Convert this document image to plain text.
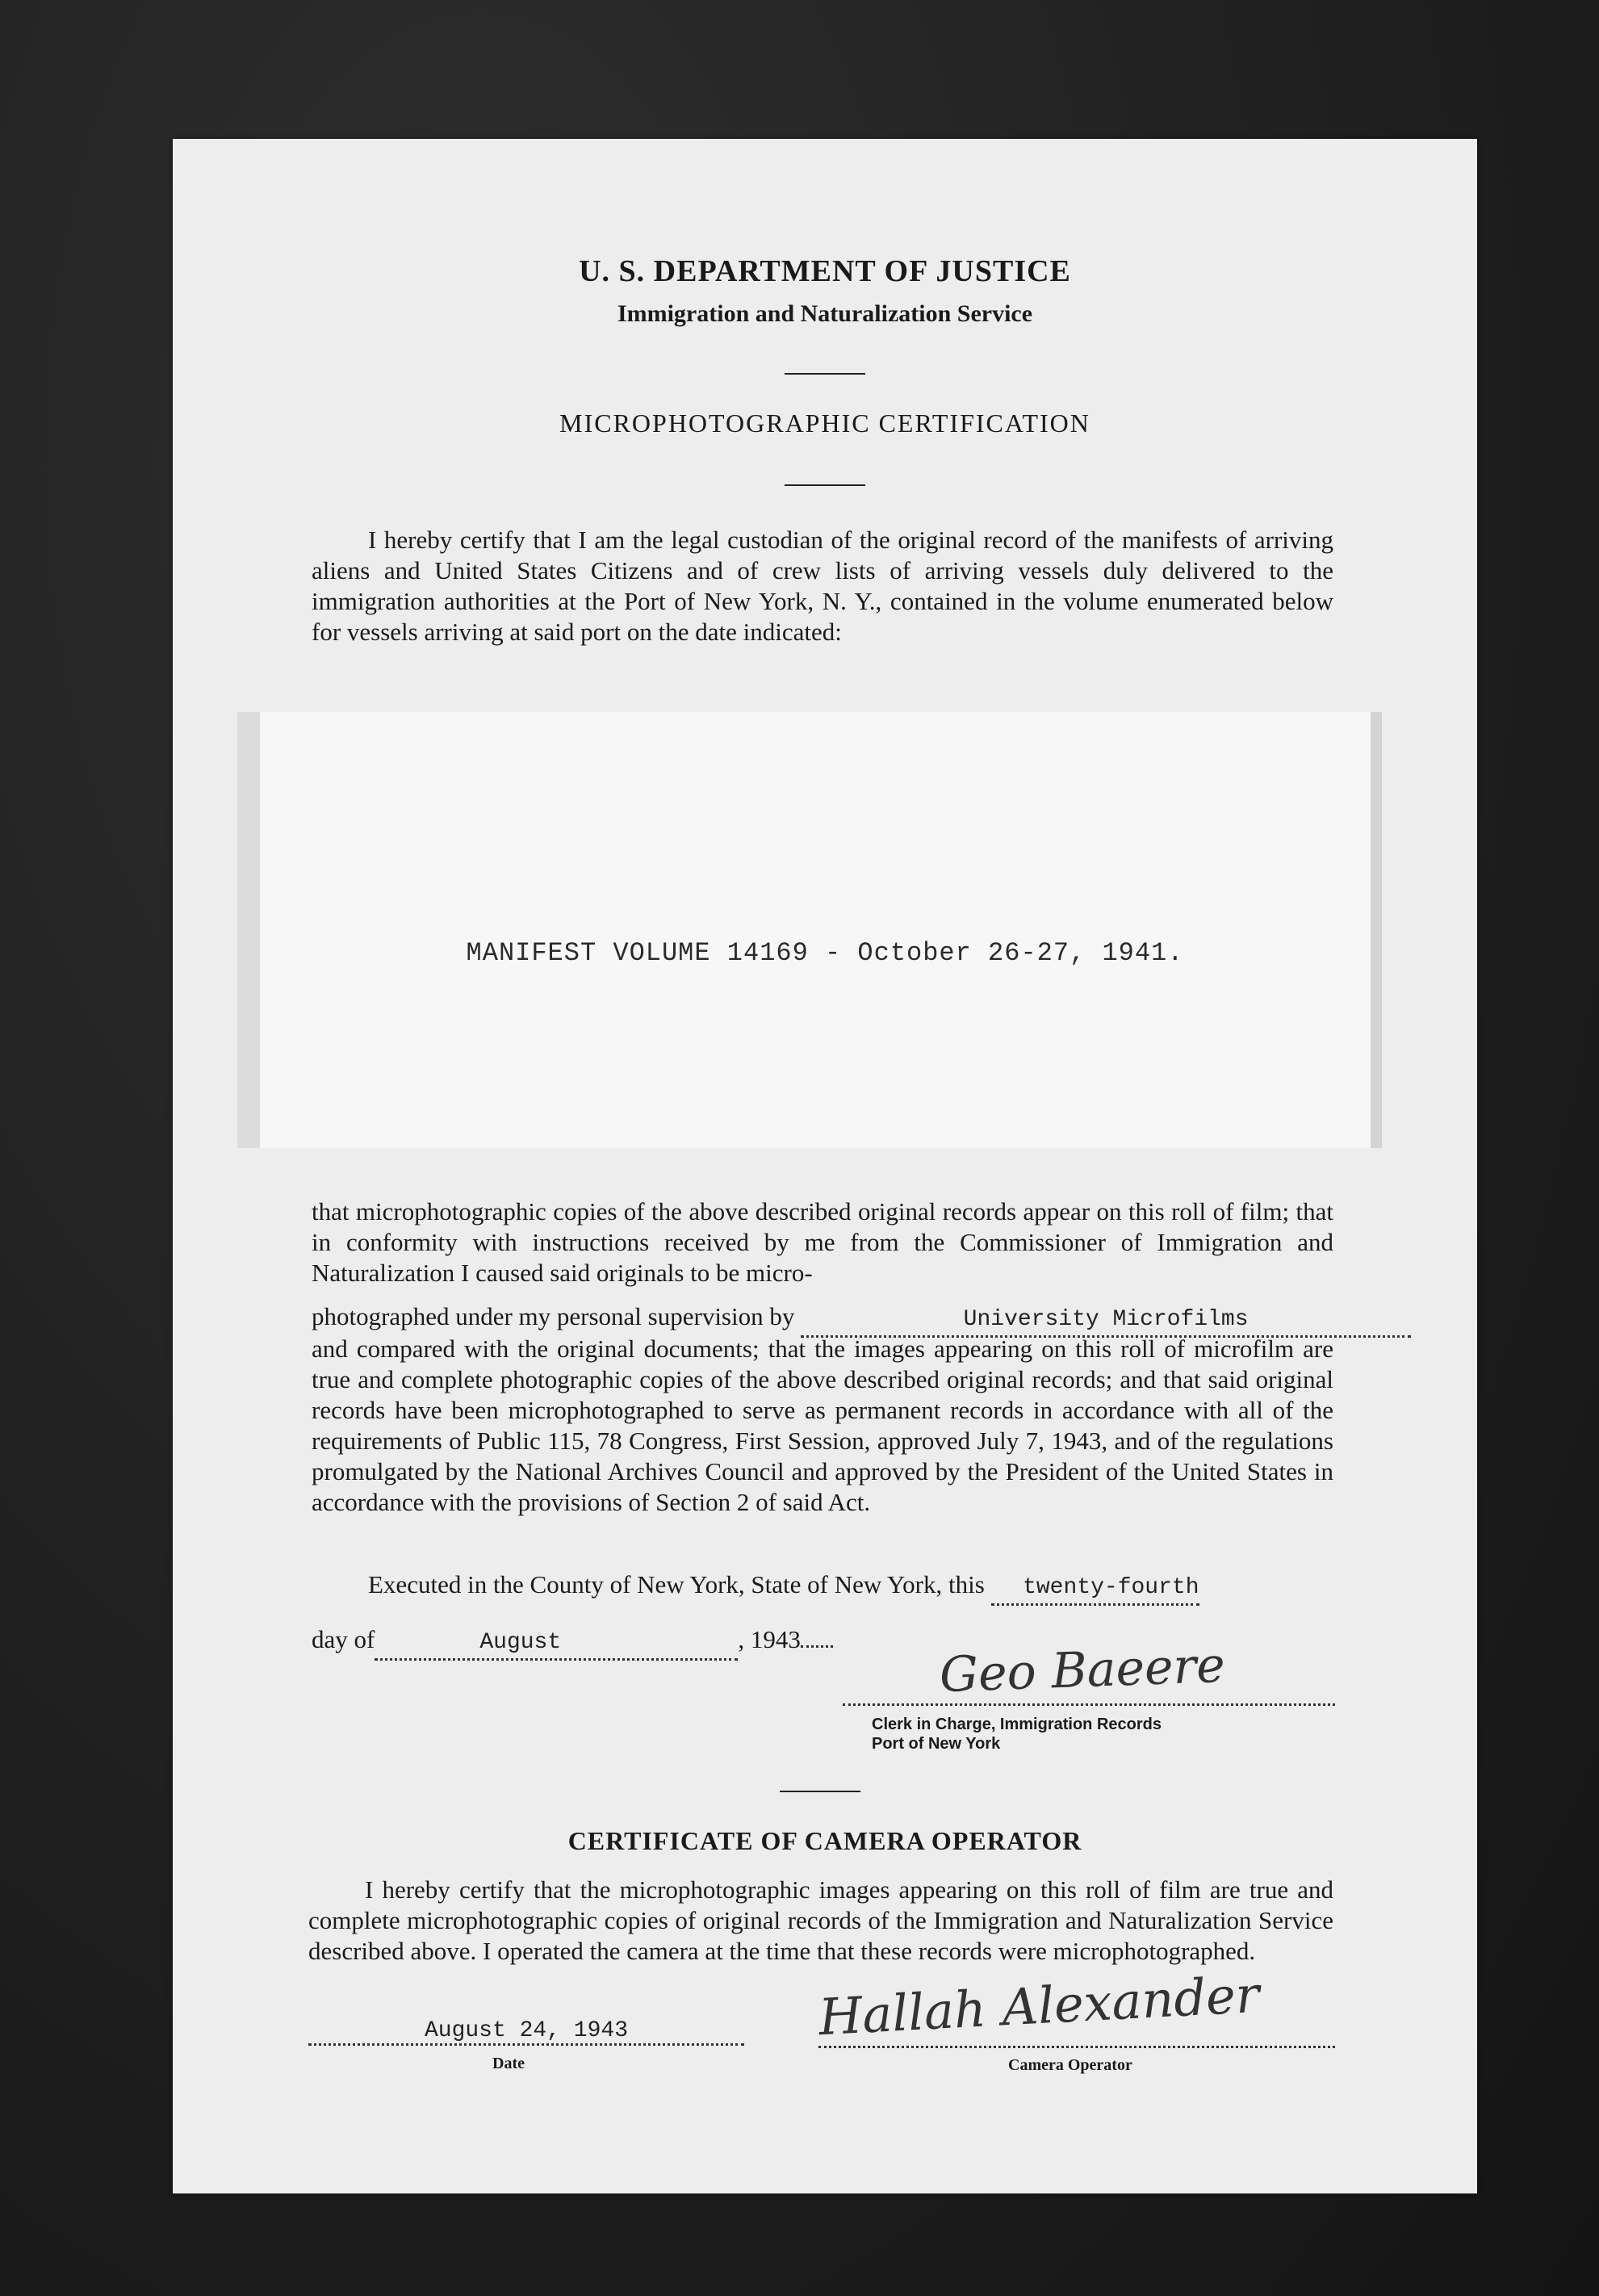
U. S. DEPARTMENT OF JUSTICE
Immigration and Naturalization Service
MICROPHOTOGRAPHIC CERTIFICATION
I hereby certify that I am the legal custodian of the original record of the manifests of arriving aliens and United States Citizens and of crew lists of arriving vessels duly delivered to the immigration authorities at the Port of New York, N. Y., contained in the volume enumerated below for vessels arriving at said port on the date indicated:
MANIFEST VOLUME 14169 - October 26-27, 1941.
that microphotographic copies of the above described original records appear on this roll of film; that in conformity with instructions received by me from the Commissioner of Immigration and Naturalization I caused said originals to be micro-
photographed under my personal supervision by	University Microfilms
and compared with the original documents; that the images appearing on this roll of microfilm are true and complete photographic copies of the above described original records; and that said original records have been microphotographed to serve as permanent records in accordance with all of the requirements of Public 115, 78 Congress, First Session, approved July 7, 1943, and of the regulations promulgated by the National Archives Council and approved by the President of the United States in accordance with the provisions of Section 2 of said Act.
Executed in the County of New York, State of New York, this twenty-fourth
day of	August	, 1943	Geo Baeere
Clerk in Charge, Immigration Records
Port of New York
CERTIFICATE OF CAMERA OPERATOR
I hereby certify that the microphotographic images appearing on this roll of film are true and complete microphotographic copies of original records of the Immigration and Naturalization Service described above. I operated the camera at the time that these records were microphotographed.
August 24, 1943
Date
Hallah Alexander
Camera Operator
